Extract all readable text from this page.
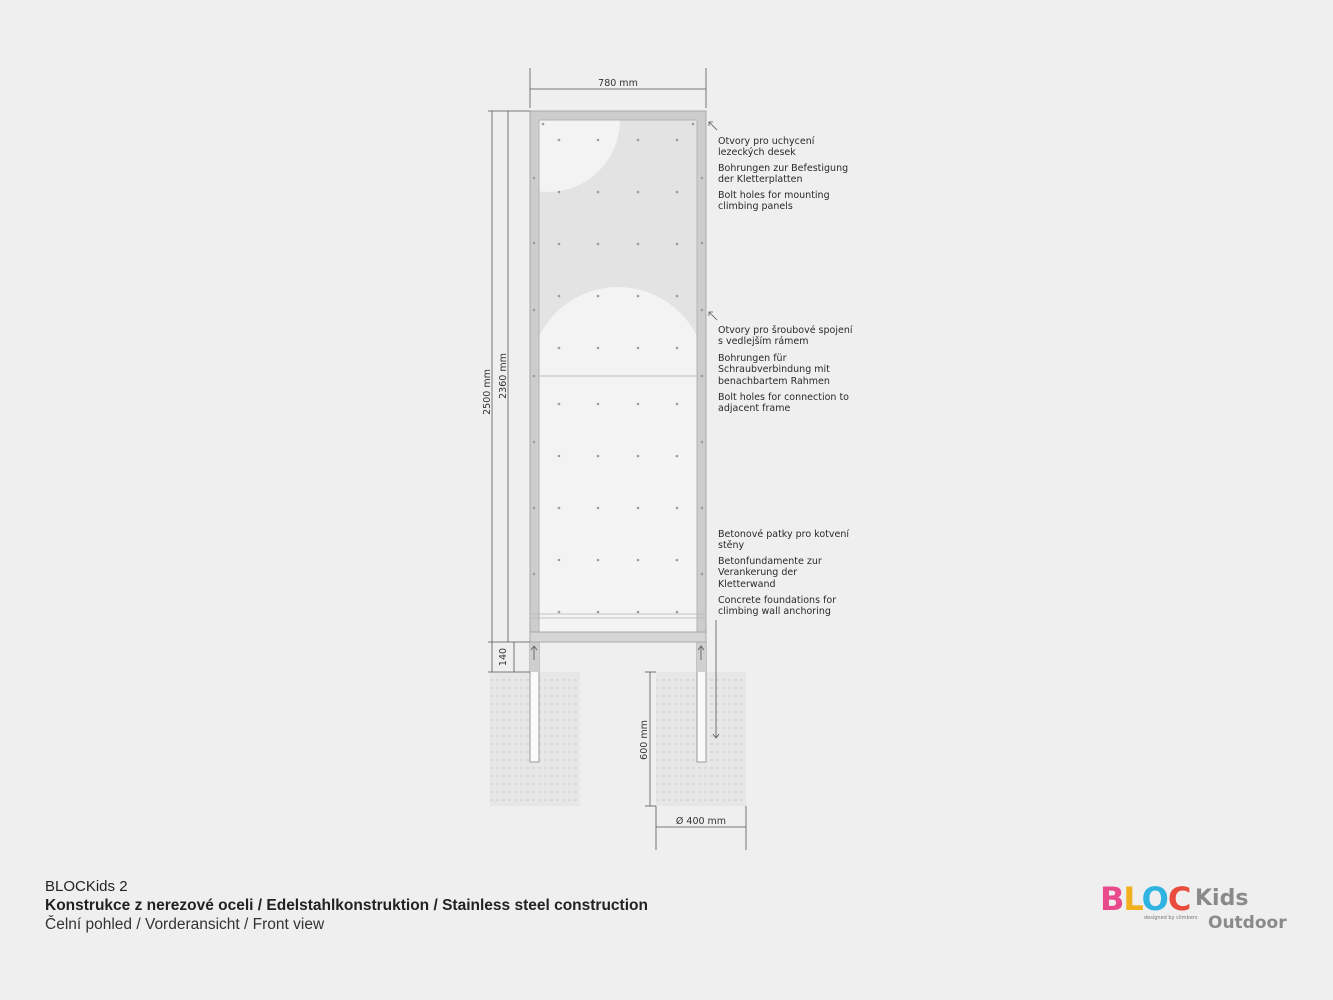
780 mm
2500 mm 2360 mm
140
600 mm
Ø 400 mm
Otvory pro uchycení
lezeckých desek
Bohrungen zur Befestigung
der Kletterplatten
Bolt holes for mounting
climbing panels
Otvory pro šroubové spojení
s vedlejším rámem
Bohrungen für
Schraubverbindung mit
benachbartem Rahmen
Bolt holes for connection to
adjacent frame
Betonové patky pro kotvení
stěny
Betonfundamente zur
Verankerung der
Kletterwand
Concrete foundations for
climbing wall anchoring
BLOCKids 2
Konstrukce z nerezové oceli / Edelstahlkonstruktion / Stainless steel construction
Čelní pohled / Vorderansicht / Front view
BLOC Kids
designed by climbers Outdoor
